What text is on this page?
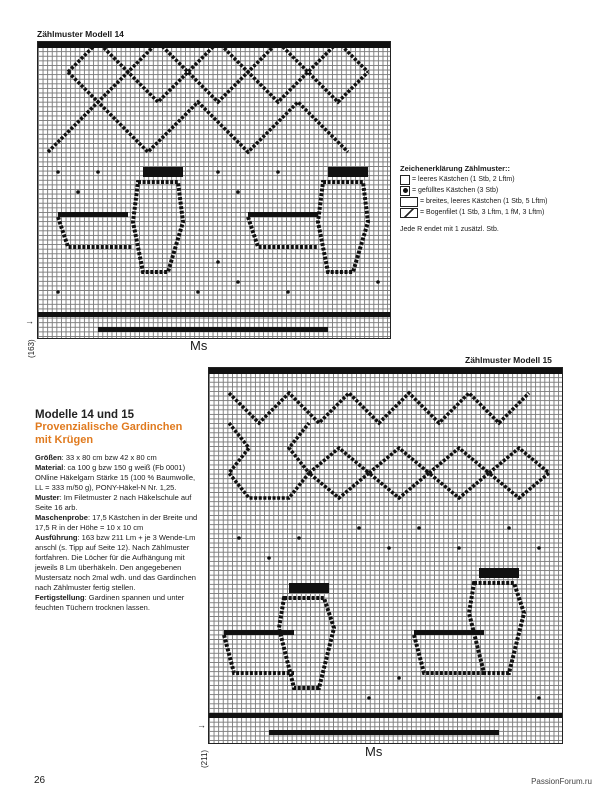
Zählmuster Modell 14
→
(163)	Ms
Zeichenerklärung Zählmuster::
= leeres Kästchen (1 Stb, 2 Lftm)
= gefülltes Kästchen (3 Stb)
= breites, leeres Kästchen (1 Stb, 5 Lftm)
= Bogenfilet (1 Stb, 3 Lftm, 1 fM, 3 Lftm)
Jede R endet mit 1 zusätzl. Stb.
Zählmuster Modell 15
→
(211)	Ms
Modelle 14 und 15
Provenzialische Gardinchen mit Krügen

Größen: 33 x 80 cm bzw 42 x 80 cm

Material: ca 100 g bzw 150 g weiß (Fb 0001) ONline Häkelgarn Stärke 15 (100 % Baumwolle, LL = 333 m/50 g), PONY-Häkel-N Nr. 1,25.

Muster: Im Filetmuster 2 nach Häkelschule auf Seite 16 arb.

Maschenprobe: 17,5 Kästchen in der Breite und 17,5 R in der Höhe = 10 x 10 cm

Ausführung: 163 bzw 211 Lm + je 3 Wende-Lm anschl (s. Tipp auf Seite 12). Nach Zählmuster fortfahren. Die Löcher für die Aufhängung mit jeweils 8 Lm überhäkeln. Den angegebenen Mustersatz noch 2mal wdh. und das Gardinchen nach Zählmuster fertig stellen.

Fertigstellung: Gardinen spannen und unter feuchten Tüchern trocknen lassen.

26	PassionForum.ru
